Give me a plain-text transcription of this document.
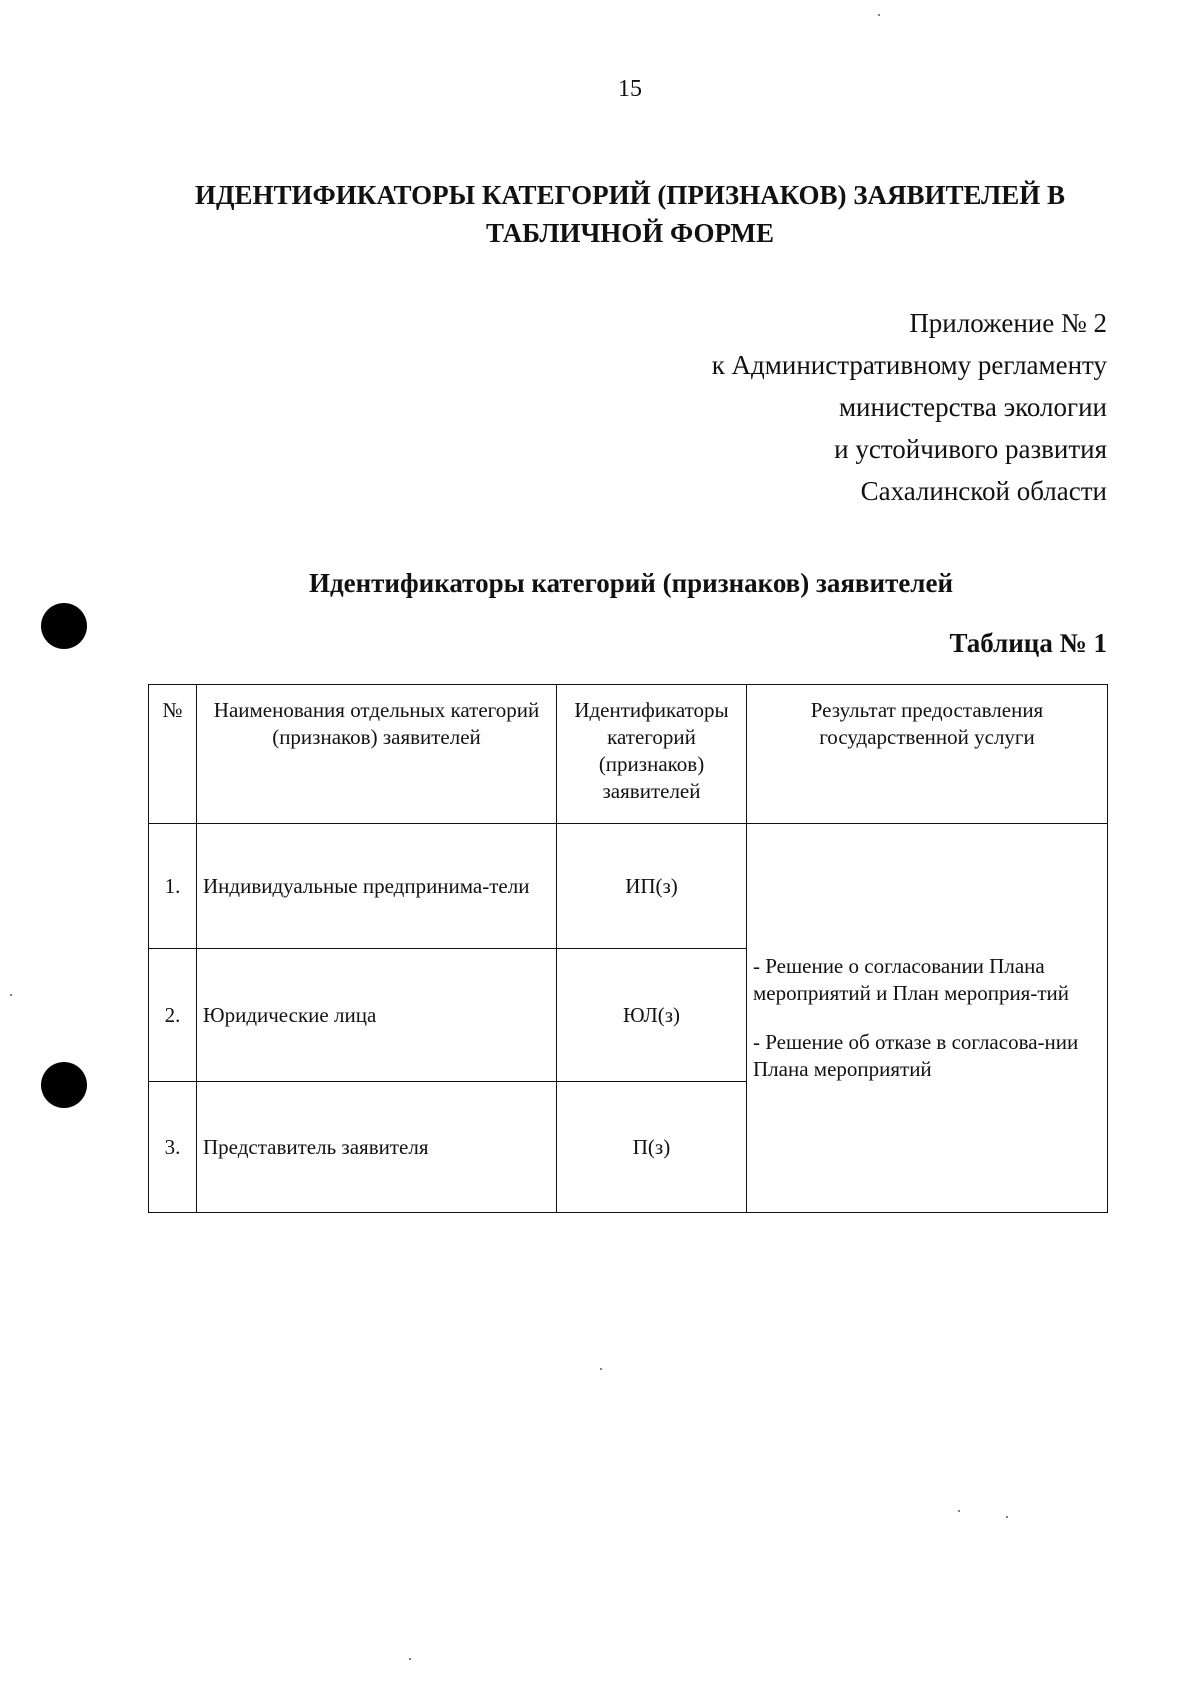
15
ИДЕНТИФИКАТОРЫ КАТЕГОРИЙ (ПРИЗНАКОВ) ЗАЯВИТЕЛЕЙ В
ТАБЛИЧНОЙ ФОРМЕ
Приложение № 2
к Административному регламенту
министерства экологии
и устойчивого развития
Сахалинской области
Идентификаторы категорий (признаков) заявителей
Таблица № 1
№	Наименования отдельных категорий (признаков) заявителей	Идентификаторы категорий (признаков) заявителей	Результат предоставления государственной услуги
1.	Индивидуальные предпринима-тели	ИП(з)	- Решение о согласовании Плана мероприятий и План мероприя-тий

- Решение об отказе в согласова-нии Плана мероприятий

2.	Юридические лица	ЮЛ(з)	
3.	Представитель заявителя	П(з)	
